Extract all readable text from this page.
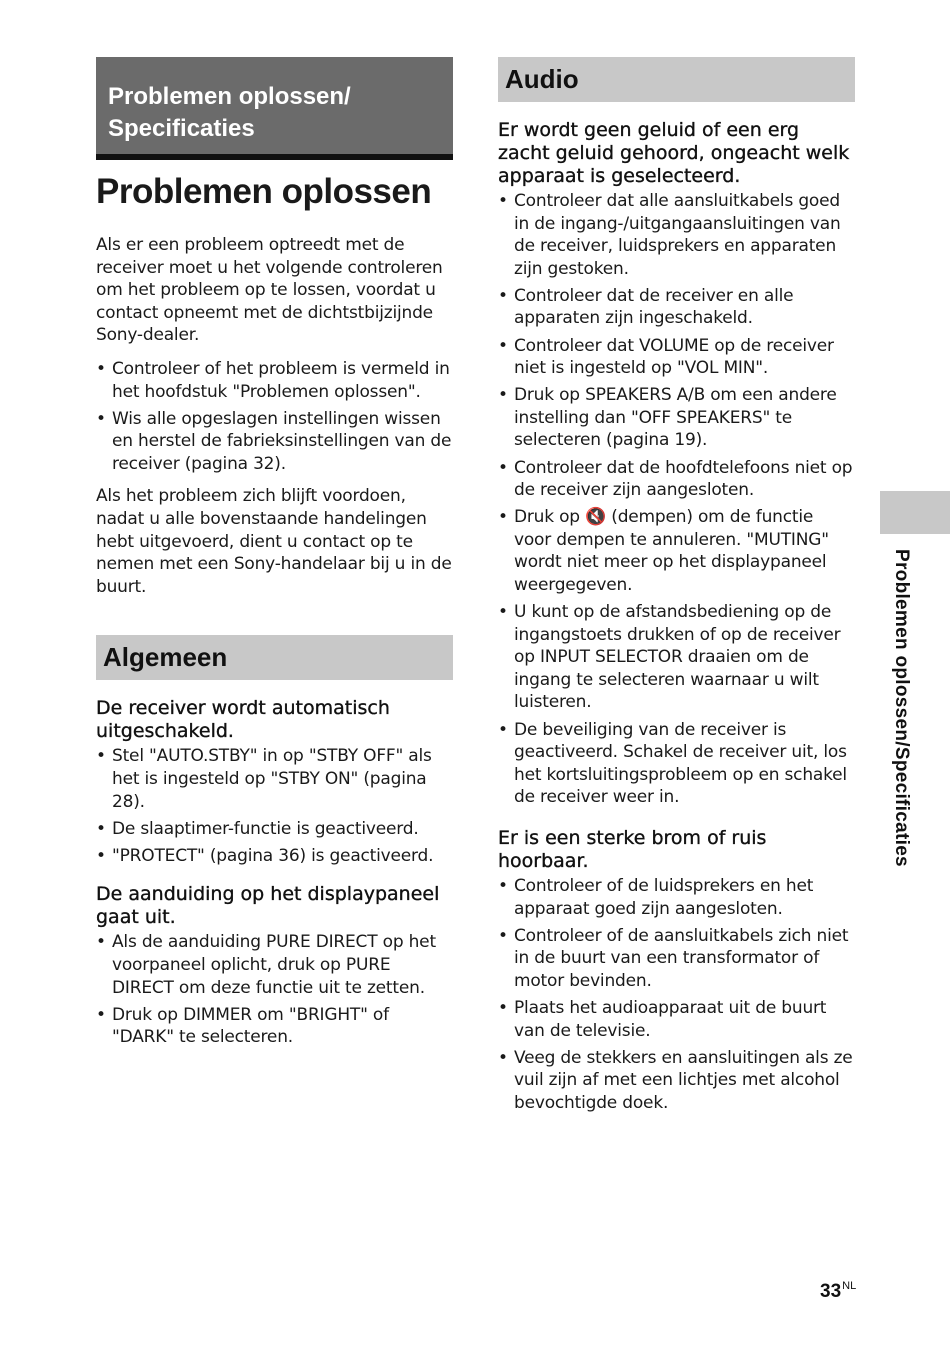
Problemen oplossen/
Specificaties
Problemen oplossen

Als er een probleem optreedt met de receiver moet u het volgende controleren om het probleem op te lossen, voordat u contact opneemt met de dichtstbijzijnde Sony-dealer.

• Controleer of het probleem is vermeld in het hoofdstuk "Problemen oplossen".
• Wis alle opgeslagen instellingen wissen en herstel de fabrieksinstellingen van de receiver (pagina 32).

Als het probleem zich blijft voordoen, nadat u alle bovenstaande handelingen hebt uitgevoerd, dient u contact op te nemen met een Sony-handelaar bij u in de buurt.

Algemeen
De receiver wordt automatisch uitgeschakeld.
• Stel "AUTO.STBY" in op "STBY OFF" als het is ingesteld op "STBY ON" (pagina 28).
• De slaaptimer-functie is geactiveerd.
• "PROTECT" (pagina 36) is geactiveerd.
De aanduiding op het displaypaneel gaat uit.
• Als de aanduiding PURE DIRECT op het voorpaneel oplicht, druk op PURE DIRECT om deze functie uit te zetten.
• Druk op DIMMER om "BRIGHT" of "DARK" te selecteren.
Audio
Er wordt geen geluid of een erg zacht geluid gehoord, ongeacht welk apparaat is geselecteerd.
• Controleer dat alle aansluitkabels goed in de ingang-/uitgangaansluitingen van de receiver, luidsprekers en apparaten zijn gestoken.
• Controleer dat de receiver en alle apparaten zijn ingeschakeld.
• Controleer dat VOLUME op de receiver niet is ingesteld op "VOL MIN".
• Druk op SPEAKERS A/B om een andere instelling dan "OFF SPEAKERS" te selecteren (pagina 19).
• Controleer dat de hoofdtelefoons niet op de receiver zijn aangesloten.
• Druk op 🔇 (dempen) om de functie voor dempen te annuleren. "MUTING" wordt niet meer op het displaypaneel weergegeven.
• U kunt op de afstandsbediening op de ingangstoets drukken of op de receiver op INPUT SELECTOR draaien om de ingang te selecteren waarnaar u wilt luisteren.
• De beveiliging van de receiver is geactiveerd. Schakel de receiver uit, los het kortsluitingsprobleem op en schakel de receiver weer in.
Er is een sterke brom of ruis hoorbaar.
• Controleer of de luidsprekers en het apparaat goed zijn aangesloten.
• Controleer of de aansluitkabels zich niet in de buurt van een transformator of motor bevinden.
• Plaats het audioapparaat uit de buurt van de televisie.
• Veeg de stekkers en aansluitingen als ze vuil zijn af met een lichtjes met alcohol bevochtigde doek.
Problemen oplossen/Specificaties
$33^{NL}$
